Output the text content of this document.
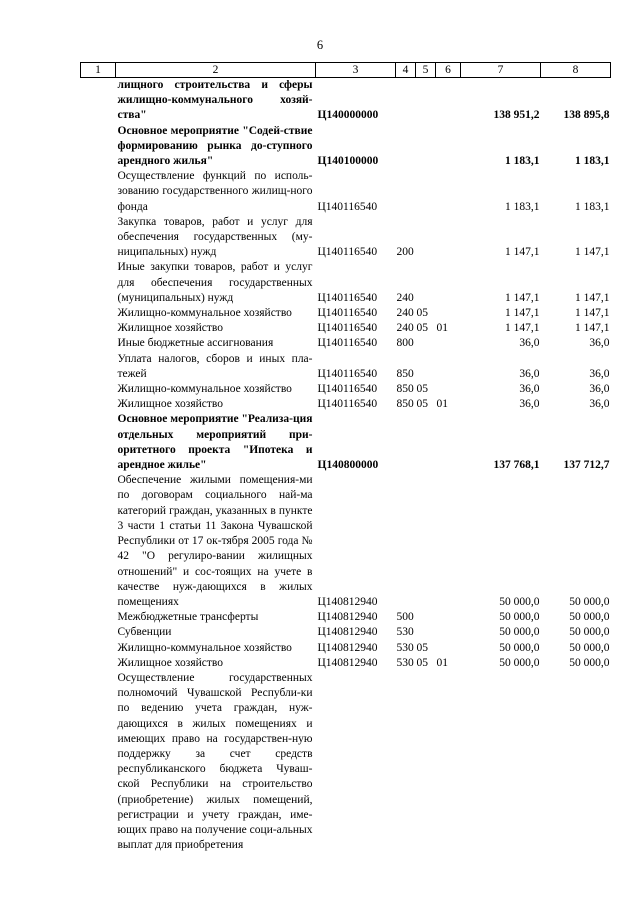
6
1	2	3	4	5	6	7	8
	лищного строительства и сферы жилищно-коммунального хозяй-ства"	Ц140000000				138 951,2	138 895,8
	Основное мероприятие "Содей-ствие формированию рынка до-ступного арендного жилья"	Ц140100000				1 183,1	1 183,1
	Осуществление функций по исполь-зованию государственного жилищ-ного фонда	Ц140116540				1 183,1	1 183,1
	Закупка товаров, работ и услуг для обеспечения государственных (му-ниципальных) нужд	Ц140116540	200			1 147,1	1 147,1
	Иные закупки товаров, работ и услуг для обеспечения государственных (муниципальных) нужд	Ц140116540	240			1 147,1	1 147,1
	Жилищно-коммунальное хозяйство	Ц140116540	240	05		1 147,1	1 147,1
	Жилищное хозяйство	Ц140116540	240	05	01	1 147,1	1 147,1
	Иные бюджетные ассигнования	Ц140116540	800			36,0	36,0
	Уплата налогов, сборов и иных пла-тежей	Ц140116540	850			36,0	36,0
	Жилищно-коммунальное хозяйство	Ц140116540	850	05		36,0	36,0
	Жилищное хозяйство	Ц140116540	850	05	01	36,0	36,0
	Основное мероприятие "Реализа-ция отдельных мероприятий при-оритетного проекта "Ипотека и арендное жилье"	Ц140800000				137 768,1	137 712,7
	Обеспечение жилыми помещения-ми по договорам социального най-ма категорий граждан, указанных в пункте 3 части 1 статьи 11 Закона Чувашской Республики от 17 ок-тября 2005 года № 42 "О регулиро-вании жилищных отношений" и сос-тоящих на учете в качестве нуж-дающихся в жилых помещениях	Ц140812940				50 000,0	50 000,0
	Межбюджетные трансферты	Ц140812940	500			50 000,0	50 000,0
	Субвенции	Ц140812940	530			50 000,0	50 000,0
	Жилищно-коммунальное хозяйство	Ц140812940	530	05		50 000,0	50 000,0
	Жилищное хозяйство	Ц140812940	530	05	01	50 000,0	50 000,0
	Осуществление государственных полномочий Чувашской Республи-ки по ведению учета граждан, нуж-дающихся в жилых помещениях и имеющих право на государствен-ную поддержку за счет средств республиканского бюджета Чуваш-ской Республики на строительство (приобретение) жилых помещений, регистрации и учету граждан, име-ющих право на получение соци-альных выплат для приобретения						
